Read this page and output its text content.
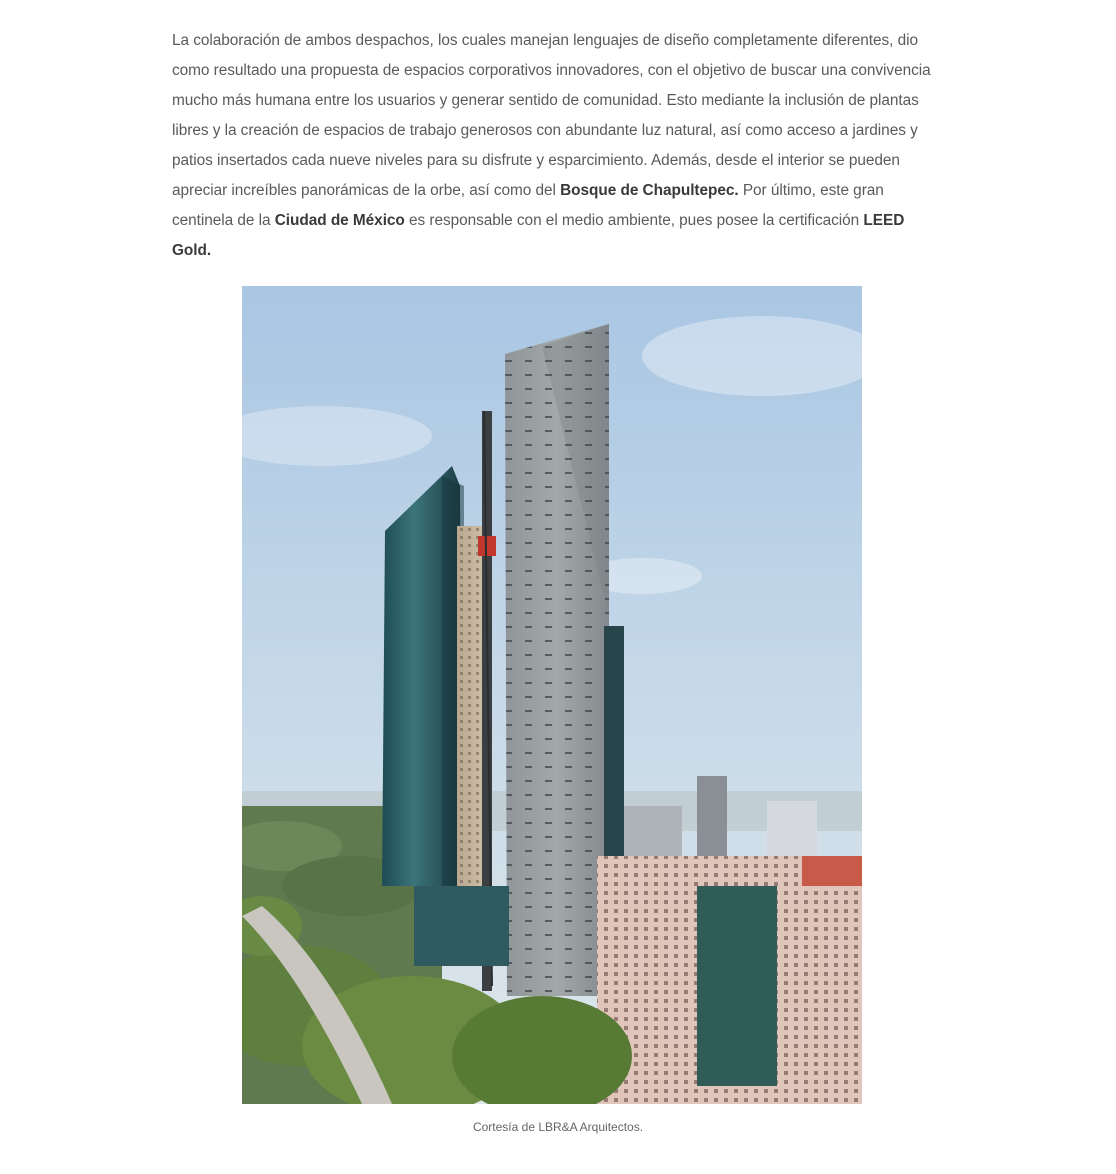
La colaboración de ambos despachos, los cuales manejan lenguajes de diseño completamente diferentes, dio como resultado una propuesta de espacios corporativos innovadores, con el objetivo de buscar una convivencia mucho más humana entre los usuarios y generar sentido de comunidad. Esto mediante la inclusión de plantas libres y la creación de espacios de trabajo generosos con abundante luz natural, así como acceso a jardines y patios insertados cada nueve niveles para su disfrute y esparcimiento. Además, desde el interior se pueden apreciar increíbles panorámicas de la orbe, así como del Bosque de Chapultepec. Por último, este gran centinela de la Ciudad de México es responsable con el medio ambiente, pues posee la certificación LEED Gold.

Cortesía de LBR&A Arquitectos.
